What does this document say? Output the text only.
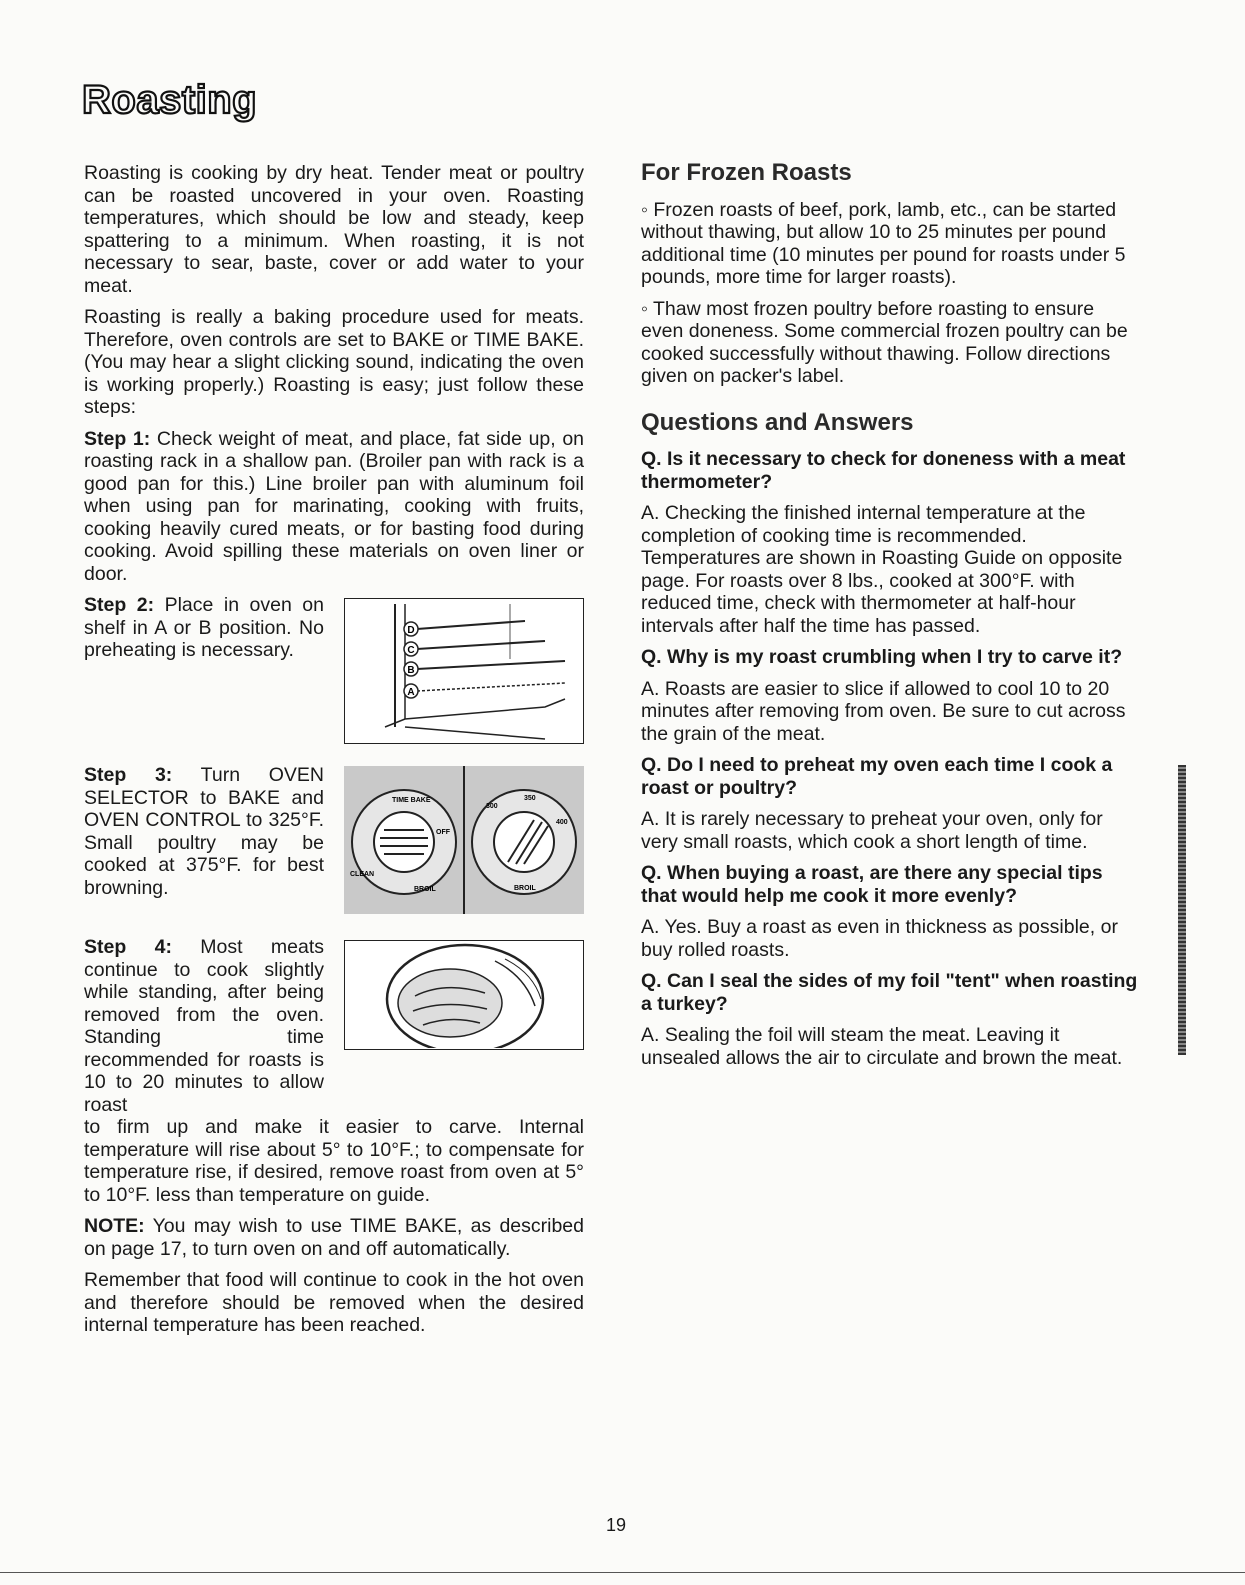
Roasting

Roasting is cooking by dry heat. Tender meat or poultry can be roasted uncovered in your oven. Roasting temperatures, which should be low and steady, keep spattering to a minimum. When roasting, it is not necessary to sear, baste, cover or add water to your meat.

Roasting is really a baking procedure used for meats. Therefore, oven controls are set to BAKE or TIME BAKE. (You may hear a slight clicking sound, indicating the oven is working properly.) Roasting is easy; just follow these steps:

Step 1: Check weight of meat, and place, fat side up, on roasting rack in a shallow pan. (Broiler pan with rack is a good pan for this.) Line broiler pan with aluminum foil when using pan for marinating, cooking with fruits, cooking heavily cured meats, or for basting food during cooking. Avoid spilling these materials on oven liner or door.

Step 2: Place in oven on shelf in A or B position. No preheating is necessary.

D
C
B
A

Step 3: Turn OVEN SELECTOR to BAKE and OVEN CONTROL to 325°F. Small poultry may be cooked at 375°F. for best browning.

TIME BAKE
OFF
CLEAN
BROIL
350
300
400
BROIL

Step 4: Most meats continue to cook slightly while standing, after being removed from the oven. Standing time recommended for roasts is 10 to 20 minutes to allow roast

to firm up and make it easier to carve. Internal temperature will rise about 5° to 10°F.; to compensate for temperature rise, if desired, remove roast from oven at 5° to 10°F. less than temperature on guide.

NOTE: You may wish to use TIME BAKE, as described on page 17, to turn oven on and off automatically.

Remember that food will continue to cook in the hot oven and therefore should be removed when the desired internal temperature has been reached.

For Frozen Roasts

◦ Frozen roasts of beef, pork, lamb, etc., can be started without thawing, but allow 10 to 25 minutes per pound additional time (10 minutes per pound for roasts under 5 pounds, more time for larger roasts).

◦ Thaw most frozen poultry before roasting to ensure even doneness. Some commercial frozen poultry can be cooked successfully without thawing. Follow directions given on packer's label.

Questions and Answers

Q. Is it necessary to check for doneness with a meat thermometer?

A. Checking the finished internal temperature at the completion of cooking time is recommended. Temperatures are shown in Roasting Guide on opposite page. For roasts over 8 lbs., cooked at 300°F. with reduced time, check with thermometer at half-hour intervals after half the time has passed.

Q. Why is my roast crumbling when I try to carve it?

A. Roasts are easier to slice if allowed to cool 10 to 20 minutes after removing from oven. Be sure to cut across the grain of the meat.

Q. Do I need to preheat my oven each time I cook a roast or poultry?

A. It is rarely necessary to preheat your oven, only for very small roasts, which cook a short length of time.

Q. When buying a roast, are there any special tips that would help me cook it more evenly?

A. Yes. Buy a roast as even in thickness as possible, or buy rolled roasts.

Q. Can I seal the sides of my foil "tent" when roasting a turkey?

A. Sealing the foil will steam the meat. Leaving it unsealed allows the air to circulate and brown the meat.

19
